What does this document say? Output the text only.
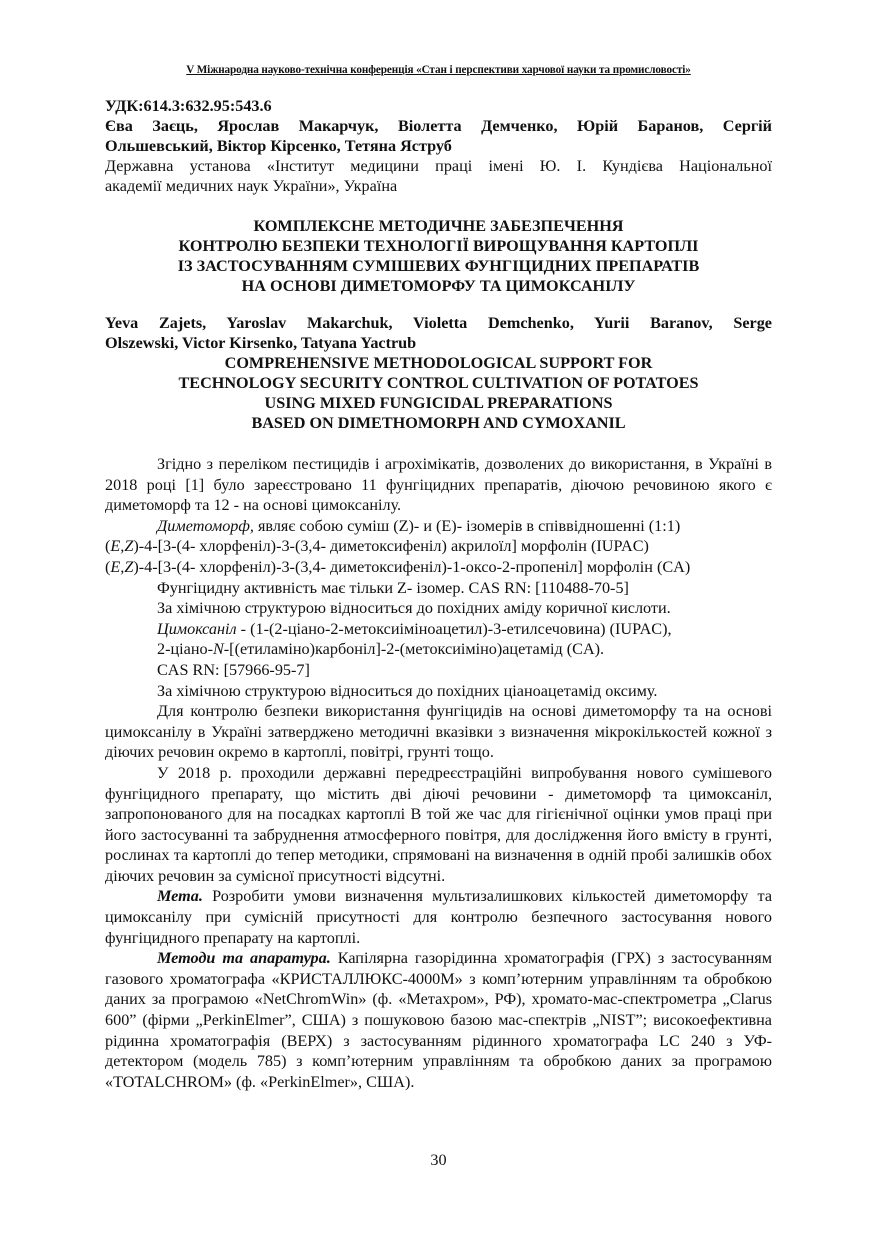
V Міжнародна науково-технічна конференція «Стан і перспективи харчової науки та промисловості»
УДК:614.3:632.95:543.6
Єва Заєць, Ярослав Макарчук, Віолетта Демченко, Юрій Баранов, Сергій
Ольшевський, Віктор Кірсенко, Тетяна Яструб
Державна установа «Інститут медицини праці імені Ю. І. Кундієва Національної
академії медичних наук України», Україна
КОМПЛЕКСНЕ МЕТОДИЧНЕ ЗАБЕЗПЕЧЕННЯ
КОНТРОЛЮ БЕЗПЕКИ ТЕХНОЛОГІЇ ВИРОЩУВАННЯ КАРТОПЛІ
ІЗ ЗАСТОСУВАННЯМ СУМІШЕВИХ ФУНГІЦИДНИХ ПРЕПАРАТІВ
НА ОСНОВІ ДИМЕТОМОРФУ ТА ЦИМОКСАНІЛУ
Yeva Zajets, Yaroslav Makarchuk, Violetta Demchenko, Yurii Baranov, Serge
Olszewski, Victor Kirsenko, Tatyana Yactrub
COMPREHENSIVE METHODOLOGICAL SUPPORT FOR
TECHNOLOGY SECURITY CONTROL CULTIVATION OF POTATOES
USING MIXED FUNGICIDAL PREPARATIONS
BASED ON DIMETHOMORPH AND CYMOXANIL

Згідно з переліком пестицидів і агрохімікатів, дозволених до використання, в Україні в 2018 році [1] було зареєстровано 11 фунгіцидних препаратів, діючою речовиною якого є диметоморф та 12 - на основі цимоксанілу.

Диметоморф, являє собою суміш (Z)- и (E)- ізомерів в співвідношенні (1:1)
(E,Z)-4-[3-(4- хлорфеніл)-3-(3,4- диметоксифеніл) акрилоїл] морфолін (IUPAC)
(E,Z)-4-[3-(4- хлорфеніл)-3-(3,4- диметоксифеніл)-1-оксо-2-пропеніл] морфолін (CA)
Фунгіцидну активність має тільки Z- ізомер. CAS RN: [110488-70-5]
За хімічною структурою відноситься до похідних аміду коричної кислоти.
Цимоксаніл - (1-(2-ціано-2-метоксиіміноацетил)-3-етилсечовина) (IUPAC),
2-ціано-N-[(етиламіно)карбоніл]-2-(метоксиіміно)ацетамід (CA).
CAS RN: [57966-95-7]
За хімічною структурою відноситься до похідних ціаноацетамід оксиму.

Для контролю безпеки використання фунгіцидів на основі диметоморфу та на основі цимоксанілу в Україні затверджено методичні вказівки з визначення мікрокількостей кожної з діючих речовин окремо в картоплі, повітрі, грунті тощо.

У 2018 р. проходили державні передреєстраційні випробування нового сумішевого фунгіцидного препарату, що містить дві діючі речовини - диметоморф та цимоксаніл, запропонованого для на посадках картоплі В той же час для гігієнічної оцінки умов праці при його застосуванні та забруднення атмосферного повітря, для дослідження його вмісту в грунті, рослинах та картоплі до тепер методики, спрямовані на визначення в одній пробі залишків обох діючих речовин за сумісної присутності відсутні.

Мета. Розробити умови визначення мультизалишкових кількостей диметоморфу та цимоксанілу при сумісній присутності для контролю безпечного застосування нового фунгіцидного препарату на картоплі.

Методи та апаратура. Капілярна газорідинна хроматографія (ГРХ) з застосуванням газового хроматографа «КРИСТАЛЛЮКС-4000М» з комп’ютерним управлінням та обробкою даних за програмою «NetChromWin» (ф. «Метахром», РФ), хромато-мас-спектрометра „Clarus 600” (фірми „PerkinElmer”, США) з пошуковою базою мас-спектрів „NIST”; високоефективна рідинна хроматографія (ВЕРХ) з застосуванням рідинного хроматографа LC 240 з УФ-детектором (модель 785) з комп’ютерним управлінням та обробкою даних за програмою «TOTALCHROM» (ф. «PerkinElmer», США).

30
